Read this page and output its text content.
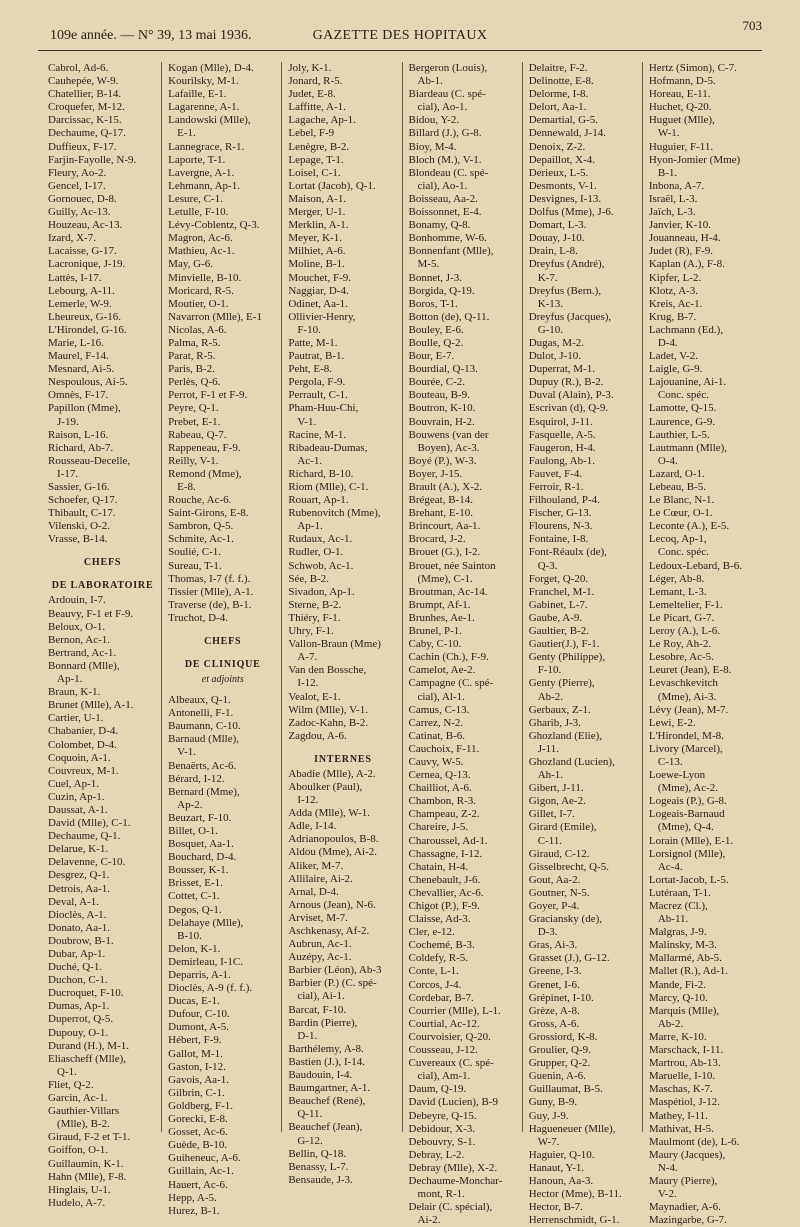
109e année. — N° 39, 13 mai 1936.	GAZETTE DES HOPITAUX
703
Cabrol, Ad-6.
Cauhepée, W-9.
Chatellier, B-14.
Croquefer, M-12.
Darcissac, K-15.
Dechaume, Q-17.
Duffieux, F-17.
Farjin-Fayolle, N-9.
Fleury, Ao-2.
Gencel, I-17.
Gornouec, D-8.
Guilly, Ac-13.
Houzeau, Ac-13.
Izard, X-7.
Lacaisse, G-17.
Lacronique, J-19.
Lattès, I-17.
Lebourg, A-11.
Lemerle, W-9.
Lheureux, G-16.
L'Hirondel, G-16.
Marie, L-16.
Maurel, F-14.
Mesnard, Ai-5.
Nespoulous, Ai-5.
Omnès, F-17.
Papillon (Mme),
J-19.
Raison, L-16.
Richard, Ab-7.
Rousseau-Decelle,
I-17.
Sassier, G-16.
Schoefer, Q-17.
Thibault, C-17.
Vilenski, O-2.
Vrasse, B-14.
CHEFS
DE LABORATOIRE
Ardouin, I-7.
Beauvy, F-1 et F-9.
Beloux, O-1.
Bernon, Ac-1.
Bertrand, Ac-1.
Bonnard (Mlle),
Ap-1.
Braun, K-1.
Brunet (Mlle), A-1.
Cartier, U-1.
Chabanier, D-4.
Colombet, D-4.
Coquoin, A-1.
Couvreux, M-1.
Cuel, Ap-1.
Cuzin, Ap-1.
Daussat, A-1.
David (Mlle), C-1.
Dechaume, Q-1.
Delarue, K-1.
Delavenne, C-10.
Desgrez, Q-1.
Detrois, Aa-1.
Deval, A-1.
Dioclès, A-1.
Donato, Aa-1.
Doubrow, B-1.
Dubar, Ap-1.
Duché, Q-1.
Duchon, C-1.
Ducroquet, F-10.
Dumas, Ap-1.
Duperrot, Q-5.
Dupouy, O-1.
Durand (H.), M-1.
Eliascheff (Mlle),
Q-1.
Fliet, Q-2.
Garcin, Ac-1.
Gauthier-Villars
(Mlle), B-2.
Giraud, F-2 et T-1.
Goiffon, O-1.
Guillaumin, K-1.
Hahn (Mlle), F-8.
Hinglais, U-1.
Hudelo, A-7.
Kogan (Mlle), D-4.
Kourilsky, M-1.
Lafaille, E-1.
Lagarenne, A-1.
Landowski (Mlle),
E-1.
Lannegrace, R-1.
Laporte, T-1.
Lavergne, A-1.
Lehmann, Ap-1.
Lesure, C-1.
Letulle, F-10.
Lévy-Coblentz, Q-3.
Magron, Ac-6.
Mathieu, Ac-1.
May, G-6.
Minvielle, B-10.
Moricard, R-5.
Moutier, O-1.
Navarron (Mlle), E-1
Nicolas, A-6.
Palma, R-5.
Parat, R-5.
Paris, B-2.
Perlès, Q-6.
Perrot, F-1 et F-9.
Peyre, Q-1.
Prebet, E-1.
Rabeau, Q-7.
Rappeneau, F-9.
Reilly, V-1.
Remond (Mme),
E-8.
Rouche, Ac-6.
Saint-Girons, E-8.
Sambron, Q-5.
Schmite, Ac-1.
Soulié, C-1.
Sureau, T-1.
Thomas, I-7 (f. f.).
Tissier (Mlle), A-1.
Traverse (de), B-1.
Truchot, D-4.
CHEFS
DE CLINIQUE
et adjoints
Albeaux, Q-1.
Antonelli, F-1.
Baumann, C-10.
Barnaud (Mlle),
V-1.
Benaërts, Ac-6.
Bérard, I-12.
Bernard (Mme),
Ap-2.
Beuzart, F-10.
Billet, O-1.
Bosquet, Aa-1.
Bouchard, D-4.
Bousser, K-1.
Brisset, E-1.
Cottet, C-1.
Degos, Q-1.
Delahaye (Mlle),
B-10.
Delon, K-1.
Demirleau, I-1C.
Deparris, A-1.
Dioclès, A-9 (f. f.).
Ducas, E-1.
Dufour, C-10.
Dumont, A-5.
Hébert, F-9.
Gallot, M-1.
Gaston, I-12.
Gavois, Aa-1.
Gilbrin, C-1.
Goldberg, F-1.
Gorecki, E-8.
Gosset, Ac-6.
Guède, B-10.
Guiheneuc, A-6.
Guillain, Ac-1.
Hauert, Ac-6.
Hepp, A-5.
Hurez, B-1.
Joly, K-1.
Jonard, R-5.
Judet, E-8.
Laffitte, A-1.
Lagache, Ap-1.
Lebel, F-9
Lenègre, B-2.
Lepage, T-1.
Loisel, C-1.
Lortat (Jacob), Q-1.
Maison, A-1.
Merger, U-1.
Merklin, A-1.
Meyer, K-1.
Milhiet, A-6.
Moline, B-1.
Mouchet, F-9.
Naggiar, D-4.
Odinet, Aa-1.
Ollivier-Henry,
F-10.
Patte, M-1.
Pautrat, B-1.
Peht, E-8.
Pergola, F-9.
Perrault, C-1.
Pham-Huu-Chi,
V-1.
Racine, M-1.
Ribadeau-Dumas,
Ac-1.
Richard, B-10.
Riom (Mlle), C-1.
Rouart, Ap-1.
Rubenovitch (Mme),
Ap-1.
Rudaux, Ac-1.
Rudler, O-1.
Schwob, Ac-1.
Sée, B-2.
Sivadon, Ap-1.
Sterne, B-2.
Thiéry, F-1.
Uhry, F-1.
Vallon-Braun (Mme)
A-7.
Van den Bossche,
I-12.
Vealot, E-1.
Wilm (Mlle), V-1.
Zadoc-Kahn, B-2.
Zagdou, A-6.
INTERNES
Abadie (Mlle), A-2.
Aboulker (Paul),
I-12.
Adda (Mlle), W-1.
Adle, I-14.
Adrianopoulos, B-8.
Aldou (Mme), Ai-2.
Aliker, M-7.
Allilaire, Ai-2.
Arnal, D-4.
Arnous (Jean), N-6.
Arviset, M-7.
Aschkenasy, Af-2.
Aubrun, Ac-1.
Auzépy, Ac-1.
Barbier (Léon), Ab-3
Barbier (P.) (C. spé-
cial), Ai-1.
Barcat, F-10.
Bardin (Pierre),
D-1.
Barthélemy, A-8.
Bastien (J.), I-14.
Baudouin, I-4.
Baumgartner, A-1.
Beauchef (René),
Q-11.
Beauchef (Jean),
G-12.
Bellin, Q-18.
Benassy, L-7.
Bensaude, J-3.
Bergeron (Louis),
Ab-1.
Biardeau (C. spé-
cial), Ao-1.
Bidou, Y-2.
Billard (J.), G-8.
Bioy, M-4.
Bloch (M.), V-1.
Blondeau (C. spé-
cial), Ao-1.
Boisseau, Aa-2.
Boissonnet, E-4.
Bonamy, Q-8.
Bonhomme, W-6.
Bonnenfant (Mlle),
M-5.
Bonnet, J-3.
Borgida, Q-19.
Boros, T-1.
Botton (de), Q-11.
Bouley, E-6.
Boulle, Q-2.
Bour, E-7.
Bourdial, Q-13.
Bourée, C-2.
Bouteau, B-9.
Boutron, K-10.
Bouvrain, H-2.
Bouwens (van der
Boyen), Ac-3.
Boyé (P.), W-3.
Boyer, J-15.
Brault (A.), X-2.
Brégeat, B-14.
Brehant, E-10.
Brincourt, Aa-1.
Brocard, J-2.
Brouet (G.), I-2.
Brouet, née Sainton
(Mme), C-1.
Broutman, Ac-14.
Brumpt, Af-1.
Brunhes, Ae-1.
Brunel, P-1.
Caby, C-10.
Cachin (Ch.), F-9.
Camelot, Ae-2.
Campagne (C. spé-
cial), Al-1.
Camus, C-13.
Carrez, N-2.
Catinat, B-6.
Cauchoix, F-11.
Cauvy, W-5.
Cernea, Q-13.
Chailliot, A-6.
Chambon, R-3.
Champeau, Z-2.
Chareire, J-5.
Charoussel, Ad-1.
Chassagne, I-12.
Chatain, H-4.
Chenebault, J-6.
Chevallier, Ac-6.
Chigot (P.), F-9.
Claisse, Ad-3.
Cler, e-12.
Cochemé, B-3.
Coldefy, R-5.
Conte, L-1.
Corcos, J-4.
Cordebar, B-7.
Courrier (Mlle), L-1.
Courtial, Ac-12.
Courvoisier, Q-20.
Cousseau, J-12.
Cuvereaux (C. spé-
cial), Am-1.
Daum, Q-19.
David (Lucien), B-9
Debeyre, Q-15.
Debidour, X-3.
Debouvry, S-1.
Debray, L-2.
Debray (Mlle), X-2.
Dechaume-Monchar-
mont, R-1.
Delair (C. spécial),
Ai-2.
Delaitre, F-2.
Delinotte, E-8.
Delorme, I-8.
Delort, Aa-1.
Demartial, G-5.
Dennewald, J-14.
Denoix, Z-2.
Depaillot, X-4.
Derieux, L-5.
Desmonts, V-1.
Desvignes, I-13.
Dolfus (Mme), J-6.
Domart, L-3.
Douay, J-10.
Drain, L-8.
Dreyfus (André),
K-7.
Dreyfus (Bern.),
K-13.
Dreyfus (Jacques),
G-10.
Dugas, M-2.
Dulot, J-10.
Duperrat, M-1.
Dupuy (R.), B-2.
Duval (Alain), P-3.
Escrivan (d), Q-9.
Esquirol, J-11.
Fasquelle, A-5.
Faugeron, H-4.
Faulong, Ab-1.
Fauvet, F-4.
Ferroir, R-1.
Filhouland, P-4.
Fischer, G-13.
Flourens, N-3.
Fontaine, I-8.
Font-Réaulx (de),
Q-3.
Forget, Q-20.
Franchel, M-1.
Gabinet, L-7.
Gaube, A-9.
Gaultier, B-2.
Gautier(J.), F-1.
Genty (Philippe),
F-10.
Genty (Pierre),
Ab-2.
Gerbaux, Z-1.
Gharib, J-3.
Ghozland (Elie),
J-11.
Ghozland (Lucien),
Ah-1.
Gibert, J-11.
Gigon, Ae-2.
Gillet, I-7.
Girard (Emile),
C-11.
Giraud, C-12.
Gisselbrecht, Q-5.
Gout, Aa-2.
Goutner, N-5.
Goyer, P-4.
Graciansky (de),
D-3.
Gras, Ai-3.
Grasset (J.), G-12.
Greene, I-3.
Grenet, I-6.
Grépinet, I-10.
Grèze, A-8.
Gross, A-6.
Grossiord, K-8.
Groulier, Q-9.
Grupper, Q-2.
Guenin, A-6.
Guillaumat, B-5.
Guny, B-9.
Guy, J-9.
Hagueneuer (Mlle),
W-7.
Haguier, Q-10.
Hanaut, Y-1.
Hanoun, Aa-3.
Hector (Mme), B-11.
Hector, B-7.
Herrenschmidt, G-1.
Hertz (Simon), C-7.
Hofmann, D-5.
Horeau, E-11.
Huchet, Q-20.
Huguet (Mlle),
W-1.
Huguier, F-11.
Hyon-Jomier (Mme)
B-1.
Inbona, A-7.
Israël, L-3.
Jaïch, L-3.
Janvier, K-10.
Jouanneau, H-4.
Judet (R), F-9.
Kaplan (A.), F-8.
Kipfer, L-2.
Klotz, A-3.
Kreis, Ac-1.
Krug, B-7.
Lachmann (Ed.),
D-4.
Ladet, V-2.
Laigle, G-9.
Lajouanine, Ai-1.
Conc. spéc.
Lamotte, Q-15.
Laurence, G-9.
Lauthier, L-5.
Lautmann (Mlle),
O-4.
Lazard, O-1.
Lebeau, B-5.
Le Blanc, N-1.
Le Cœur, O-1.
Leconte (A.), E-5.
Lecoq, Ap-1,
Conc. spéc.
Ledoux-Lebard, B-6.
Léger, Ab-8.
Lemant, L-3.
Lemeltelier, F-1.
Le Picart, G-7.
Leroy (A.), L-6.
Le Roy, Ah-2.
Lesobre, Ac-5.
Leuret (Jean), E-8.
Levaschkevitch
(Mme), Ai-3.
Lévy (Jean), M-7.
Lewi, E-2.
L'Hirondel, M-8.
Livory (Marcel),
C-13.
Loewe-Lyon
(Mme), Ac-2.
Logeais (P.), G-8.
Logeais-Barnaud
(Mme), Q-4.
Lorain (Mlle), E-1.
Lorsignol (Mlle),
Ac-4.
Lortat-Jacob, L-5.
Lutéraan, T-1.
Macrez (Cl.),
Ab-11.
Malgras, J-9.
Malinsky, M-3.
Mallarmé, Ab-5.
Mallet (R.), Ad-1.
Mande, Fi-2.
Marcy, Q-10.
Marquis (Mlle),
Ab-2.
Marre, K-10.
Marschack, I-11.
Martrou, Ab-13.
Maruelle, I-10.
Maschas, K-7.
Maspétiol, J-12.
Mathey, I-11.
Mathivat, H-5.
Maulmont (de), L-6.
Maury (Jacques),
N-4.
Maury (Pierre),
V-2.
Maynadier, A-6.
Mazingarbe, G-7.
